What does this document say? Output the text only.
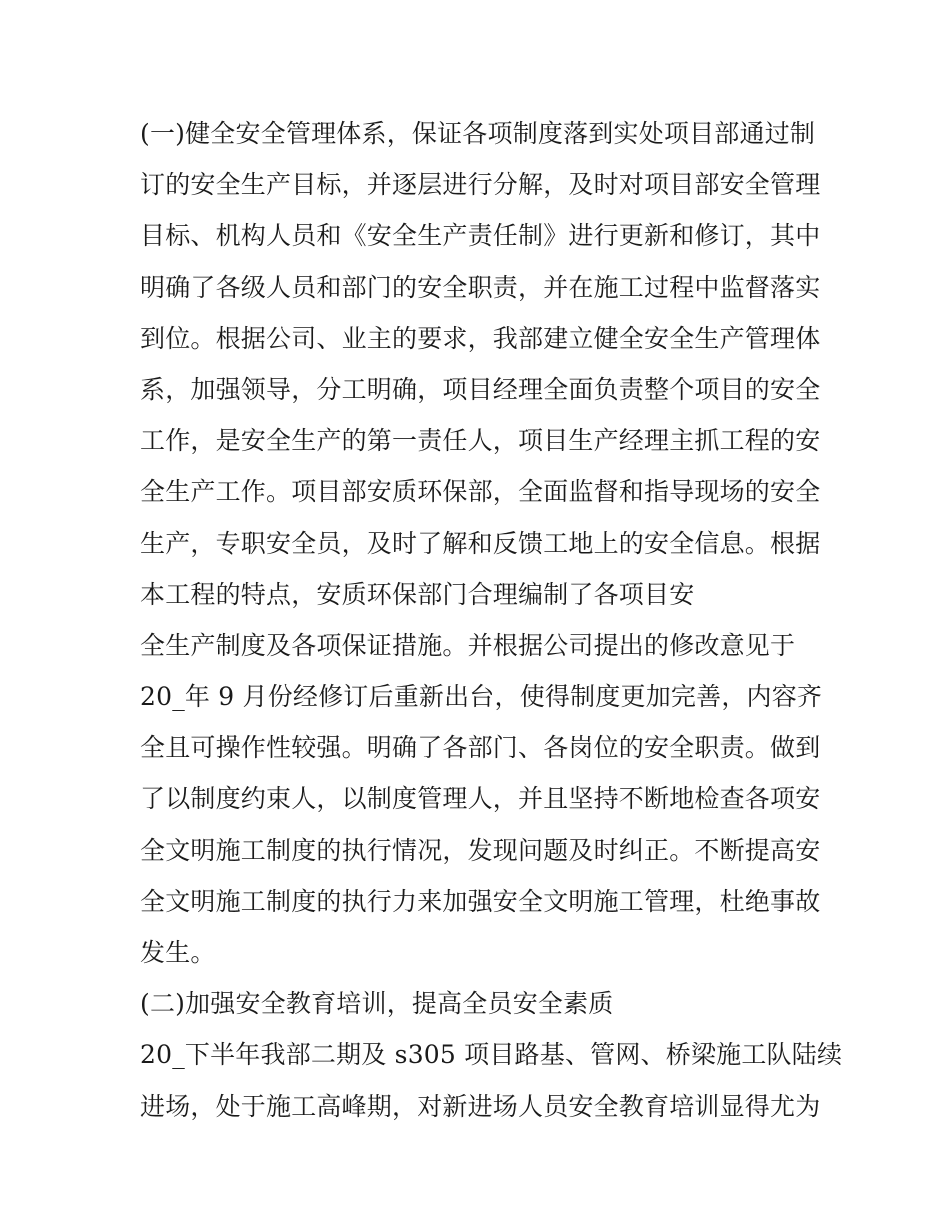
(一)健全安全管理体系，保证各项制度落到实处项目部通过制
订的安全生产目标，并逐层进行分解，及时对项目部安全管理
目标、机构人员和《安全生产责任制》进行更新和修订，其中
明确了各级人员和部门的安全职责，并在施工过程中监督落实
到位。根据公司、业主的要求，我部建立健全安全生产管理体
系，加强领导，分工明确，项目经理全面负责整个项目的安全
工作，是安全生产的第一责任人，项目生产经理主抓工程的安
全生产工作。项目部安质环保部，全面监督和指导现场的安全
生产，专职安全员，及时了解和反馈工地上的安全信息。根据
本工程的特点，安质环保部门合理编制了各项目安
全生产制度及各项保证措施。并根据公司提出的修改意见于
20_年 9 月份经修订后重新出台，使得制度更加完善，内容齐
全且可操作性较强。明确了各部门、各岗位的安全职责。做到
了以制度约束人，以制度管理人，并且坚持不断地检查各项安
全文明施工制度的执行情况，发现问题及时纠正。不断提高安
全文明施工制度的执行力来加强安全文明施工管理，杜绝事故
发生。
(二)加强安全教育培训，提高全员安全素质
20_下半年我部二期及 s305 项目路基、管网、桥梁施工队陆续
进场，处于施工高峰期，对新进场人员安全教育培训显得尤为
